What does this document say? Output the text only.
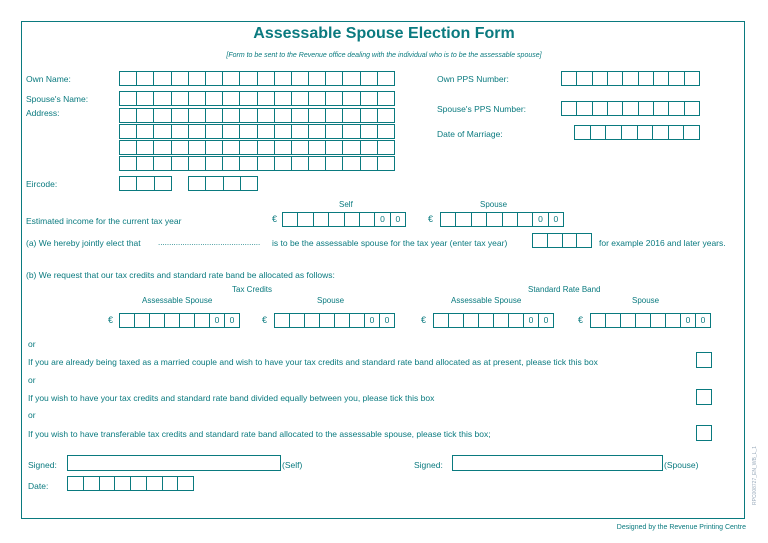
Assessable Spouse Election Form
[Form to be sent to the Revenue office dealing with the individual who is to be the assessable spouse]
Own Name:
Spouse's Name:
Address:
Eircode:
Own PPS Number:
Spouse's PPS Number:
Date of Marriage:
Self	Spouse
Estimated income for the current tax year	€	0	0	€	0	0
(a) We hereby jointly elect that .............................................. is to be the assessable spouse for the tax year (enter tax year)	for example 2016 and later years.
(b) We request that our tax credits and standard rate band be allocated as follows:
Tax Credits	Standard Rate Band
Assessable Spouse	Spouse	Assessable Spouse	Spouse
€	0	0	€	0	0	€	0	0	€	0	0
or
If you are already being taxed as a married couple and wish to have your tax credits and standard rate band allocated as at present, please tick this box
or
If you wish to have your tax credits and standard rate band divided equally between you, please tick this box
or
If you wish to have transferable tax credits and standard rate band allocated to the assessable spouse, please tick this box;
Signed:	(Self)	Signed:	(Spouse)
Date:	RPC008727_EN_WB_L_1
Designed by the Revenue Printing Centre
